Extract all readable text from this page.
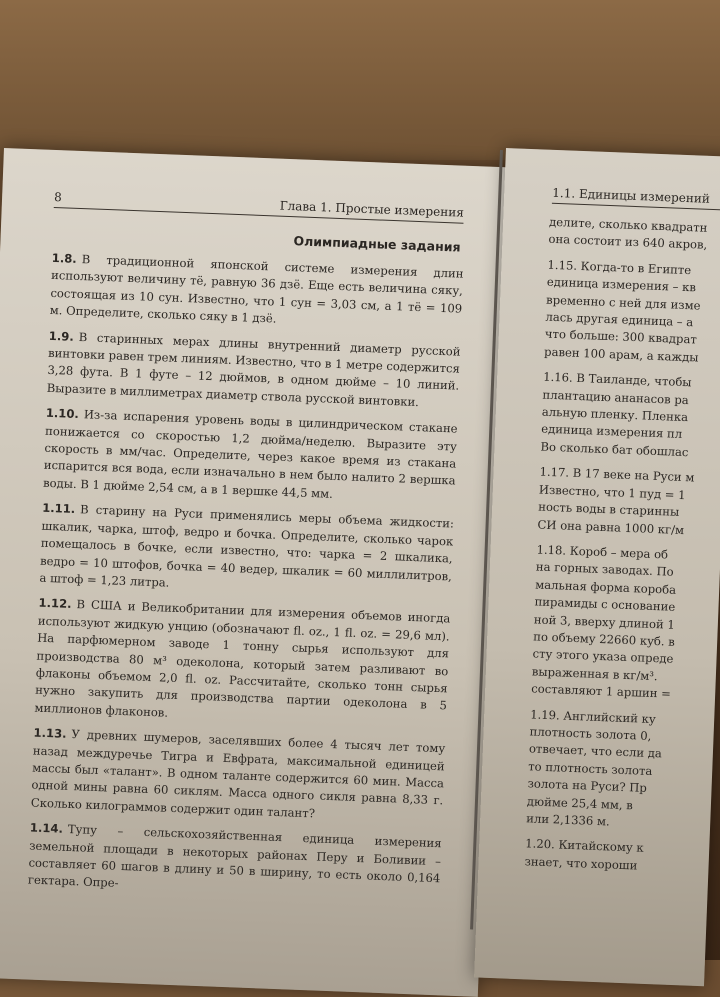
8
Глава 1. Простые измерения
Олимпиадные задания

1.8. В традиционной японской системе измерения длин используют величину тё, равную 36 дзё. Еще есть величина сяку, состоящая из 10 сун. Известно, что 1 сун = 3,03 см, а 1 тё = 109 м. Определите, сколько сяку в 1 дзё.

1.9. В старинных мерах длины внутренний диаметр русской винтовки равен трем линиям. Известно, что в 1 метре содержится 3,28 фута. В 1 футе – 12 дюймов, в одном дюйме – 10 линий. Выразите в миллиметрах диаметр ствола русской винтовки.

1.10. Из-за испарения уровень воды в цилиндрическом стакане понижается со скоростью 1,2 дюйма/неделю. Выразите эту скорость в мм/час. Определите, через какое время из стакана испарится вся вода, если изначально в нем было налито 2 вершка воды. В 1 дюйме 2,54 см, а в 1 вершке 44,5 мм.

1.11. В старину на Руси применялись меры объема жидкости: шкалик, чарка, штоф, ведро и бочка. Определите, сколько чарок помещалось в бочке, если известно, что: чарка = 2 шкалика, ведро = 10 штофов, бочка = 40 ведер, шкалик = 60 миллилитров, а штоф = 1,23 литра.

1.12. В США и Великобритании для измерения объемов иногда используют жидкую унцию (обозначают fl. oz., 1 fl. oz. = 29,6 мл). На парфюмерном заводе 1 тонну сырья используют для производства 80 м³ одеколона, который затем разливают во флаконы объемом 2,0 fl. oz. Рассчитайте, сколько тонн сырья нужно закупить для производства партии одеколона в 5 миллионов флаконов.

1.13. У древних шумеров, заселявших более 4 тысяч лет тому назад междуречье Тигра и Евфрата, максимальной единицей массы был «талант». В одном таланте содержится 60 мин. Масса одной мины равна 60 сиклям. Масса одного сикля равна 8,33 г. Сколько килограммов содержит один талант?

1.14. Тупу – сельскохозяйственная единица измерения земельной площади в некоторых районах Перу и Боливии – составляет 60 шагов в длину и 50 в ширину, то есть около 0,164 гектара. Опре-

1.1. Единицы измерений
делите, сколько квадратн
она состоит из 640 акров,
1.15. Когда-то в Египте
единица измерения – кв
временно с ней для изме
лась другая единица – а
что больше: 300 квадрат
равен 100 арам, а кажды
1.16. В Таиланде, чтобы
плантацию ананасов ра
альную пленку. Пленка
единица измерения пл
Во сколько бат обошлас
1.17. В 17 веке на Руси м
Известно, что 1 пуд = 1
ность воды в старинны
СИ она равна 1000 кг/м
1.18. Короб – мера об
на горных заводах. По
мальная форма короба
пирамиды с основание
ной 3, вверху длиной 1
по объему 22660 куб. в
сту этого указа опреде
выраженная в кг/м³.
составляют 1 аршин =
1.19. Английский ку
плотность золота 0,
отвечает, что если да
то плотность золота
золота на Руси? Пр
дюйме 25,4 мм, в
или 2,1336 м.
1.20. Китайскому к
знает, что хороши
